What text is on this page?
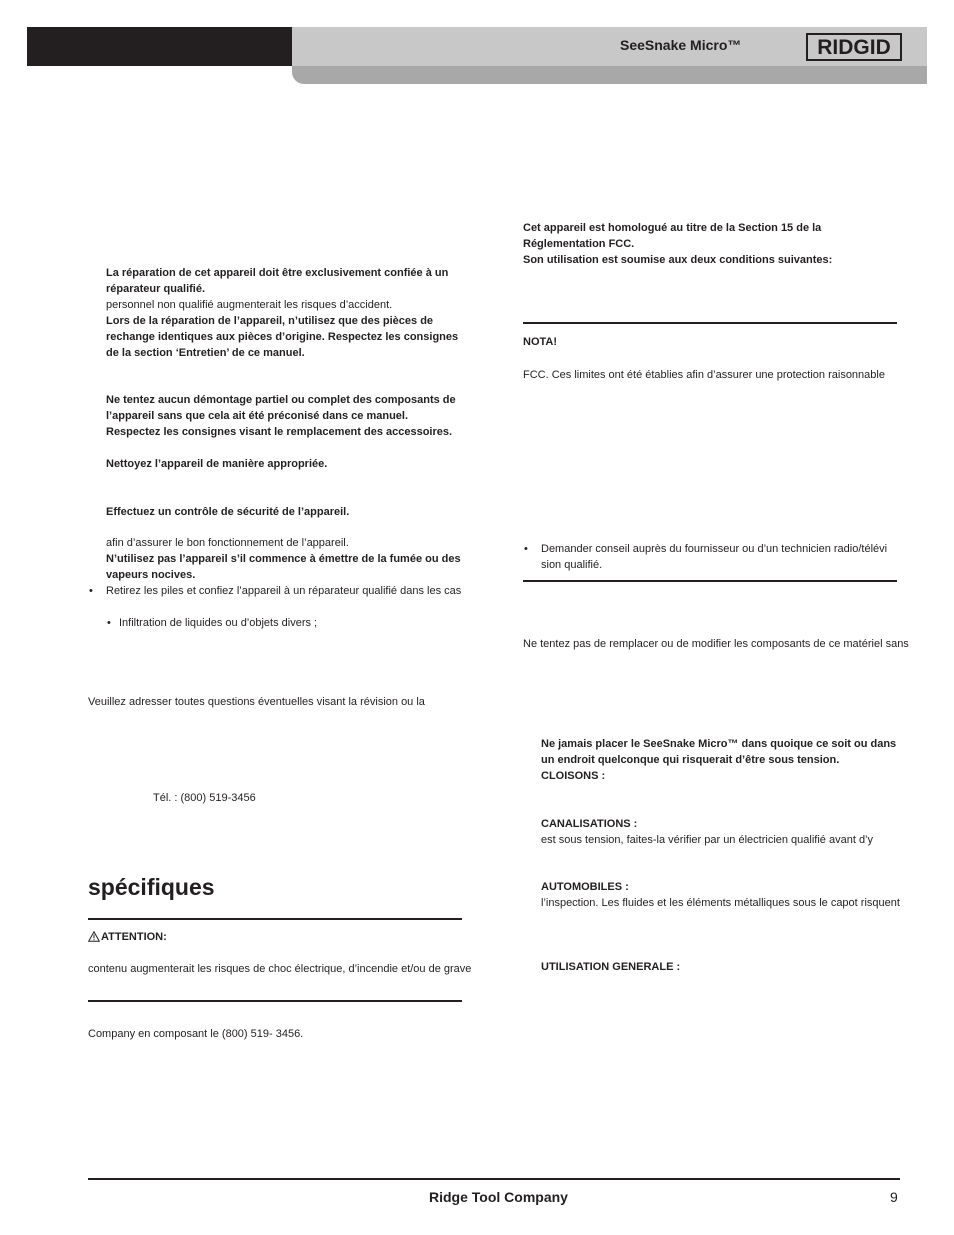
SeeSnake Micro™	RIDGID
La réparation de cet appareil doit être exclusivement confiée à un
réparateur qualifié.
personnel non qualifié augmenterait les risques d’accident.
Lors de la réparation de l’appareil, n’utilisez que des pièces de
rechange identiques aux pièces d’origine. Respectez les consignes
de la section ‘Entretien’ de ce manuel.
Ne tentez aucun démontage partiel ou complet des composants de
l’appareil sans que cela ait été préconisé dans ce manuel.
Respectez les consignes visant le remplacement des accessoires.
Nettoyez l’appareil de manière appropriée.
Effectuez un contrôle de sécurité de l’appareil.
afin d’assurer le bon fonctionnement de l’appareil.
N’utilisez pas l’appareil s’il commence à émettre de la fumée ou des
vapeurs nocives.
• Retirez les piles et confiez l’appareil à un réparateur qualifié dans les cas
• Infiltration de liquides ou d’objets divers ;
Veuillez adresser toutes questions éventuelles visant la révision ou la
Tél. : (800) 519-3456
spécifiques
ATTENTION:
contenu augmenterait les risques de choc électrique, d’incendie et/ou de grave
Company en composant le (800) 519- 3456.
Cet appareil est homologué au titre de la Section 15 de la
Réglementation FCC.
Son utilisation est soumise aux deux conditions suivantes:
NOTA!
FCC. Ces limites ont été établies afin d’assurer une protection raisonnable
• Demander conseil auprès du fournisseur ou d’un technicien radio/télévi
sion qualifié.
Ne tentez pas de remplacer ou de modifier les composants de ce matériel sans
Ne jamais placer le SeeSnake Micro™ dans quoique ce soit ou dans
un endroit quelconque qui risquerait d’être sous tension.
CLOISONS :
CANALISATIONS :
est sous tension, faites-la vérifier par un électricien qualifié avant d’y
AUTOMOBILES :
l’inspection. Les fluides et les éléments métalliques sous le capot risquent
UTILISATION GENERALE :
Ridge Tool Company	9
